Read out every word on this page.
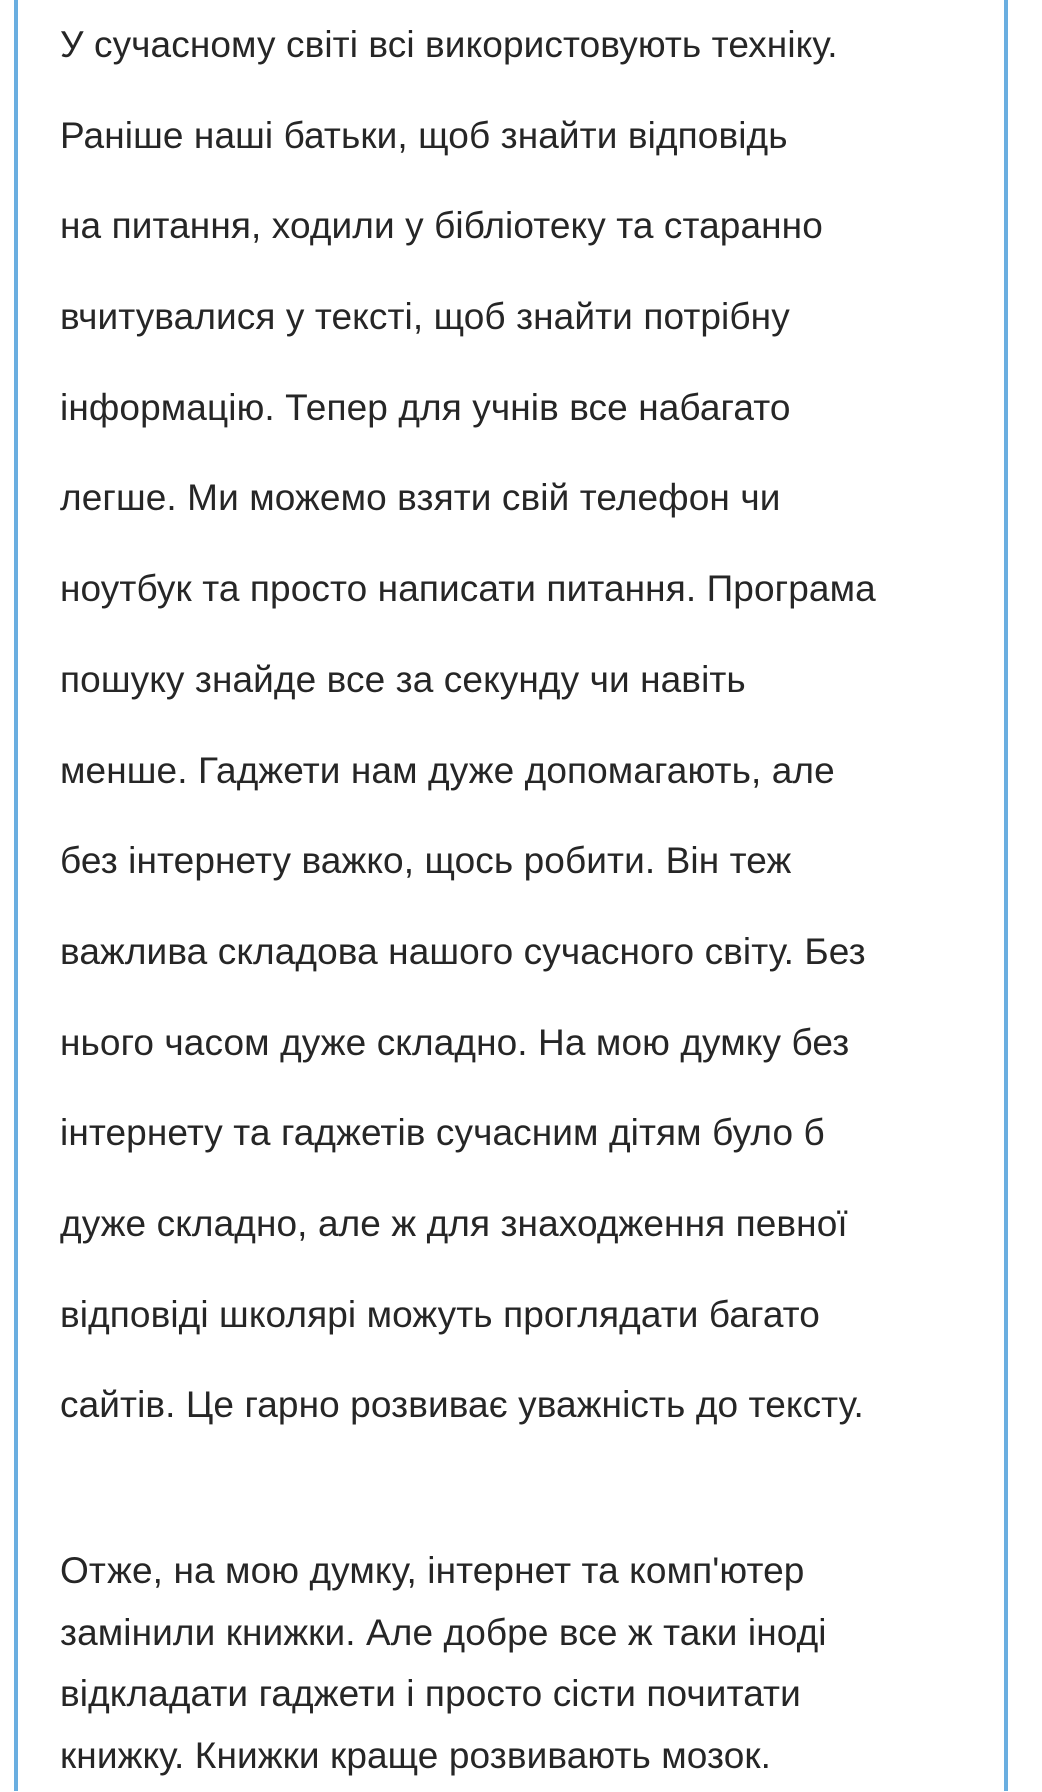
У сучасному світі всі використовують техніку.
Раніше наші батьки, щоб знайти відповідь
на питання, ходили у бібліотеку та старанно
вчитувалися у тексті, щоб знайти потрібну
інформацію. Тепер для учнів все набагато
легше. Ми можемо взяти свій телефон чи
ноутбук та просто написати питання. Програма
пошуку знайде все за секунду чи навіть
менше. Гаджети нам дуже допомагають, але
без інтернету важко, щось робити. Він теж
важлива складова нашого сучасного світу. Без
нього часом дуже складно. На мою думку без
інтернету та гаджетів сучасним дітям було б
дуже складно, але ж для знаходження певної
відповіді школярі можуть проглядати багато
сайтів. Це гарно розвиває уважність до тексту.
Отже, на мою думку, інтернет та комп'ютер
замінили книжки. Але добре все ж таки іноді
відкладати гаджети і просто сісти почитати
книжку. Книжки краще розвивають мозок.
